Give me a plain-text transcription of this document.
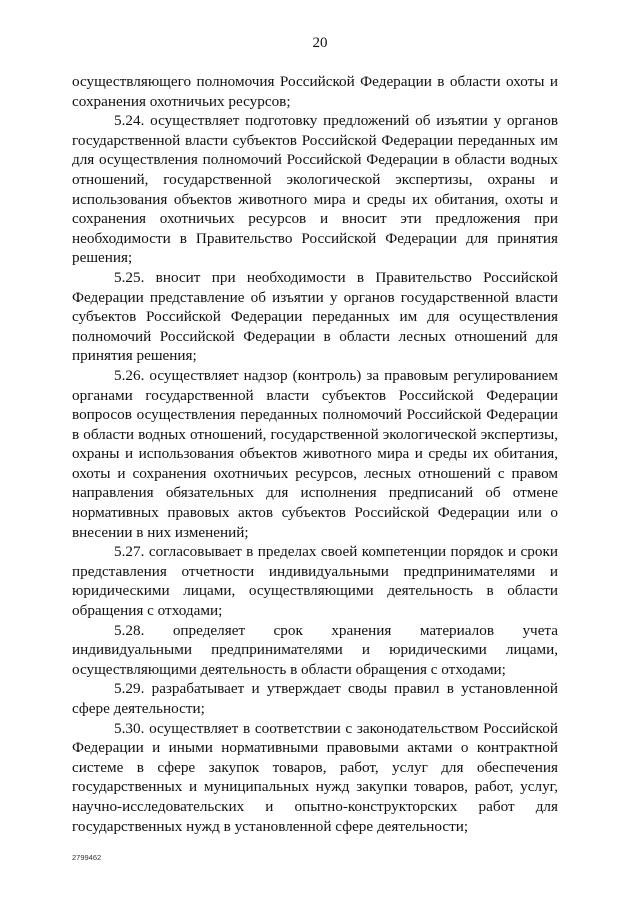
20

осуществляющего полномочия Российской Федерации в области охоты и сохранения охотничьих ресурсов;

5.24. осуществляет подготовку предложений об изъятии у органов государственной власти субъектов Российской Федерации переданных им для осуществления полномочий Российской Федерации в области водных отношений, государственной экологической экспертизы, охраны и использования объектов животного мира и среды их обитания, охоты и сохранения охотничьих ресурсов и вносит эти предложения при необходимости в Правительство Российской Федерации для принятия решения;

5.25. вносит при необходимости в Правительство Российской Федерации представление об изъятии у органов государственной власти субъектов Российской Федерации переданных им для осуществления полномочий Российской Федерации в области лесных отношений для принятия решения;

5.26. осуществляет надзор (контроль) за правовым регулированием органами государственной власти субъектов Российской Федерации вопросов осуществления переданных полномочий Российской Федерации в области водных отношений, государственной экологической экспертизы, охраны и использования объектов животного мира и среды их обитания, охоты и сохранения охотничьих ресурсов, лесных отношений с правом направления обязательных для исполнения предписаний об отмене нормативных правовых актов субъектов Российской Федерации или о внесении в них изменений;

5.27. согласовывает в пределах своей компетенции порядок и сроки представления отчетности индивидуальными предпринимателями и юридическими лицами, осуществляющими деятельность в области обращения с отходами;

5.28. определяет срок хранения материалов учета индивидуальными предпринимателями и юридическими лицами, осуществляющими деятельность в области обращения с отходами;

5.29. разрабатывает и утверждает своды правил в установленной сфере деятельности;

5.30. осуществляет в соответствии с законодательством Российской Федерации и иными нормативными правовыми актами о контрактной системе в сфере закупок товаров, работ, услуг для обеспечения государственных и муниципальных нужд закупки товаров, работ, услуг, научно-исследовательских и опытно-конструкторских работ для государственных нужд в установленной сфере деятельности;

2799462
